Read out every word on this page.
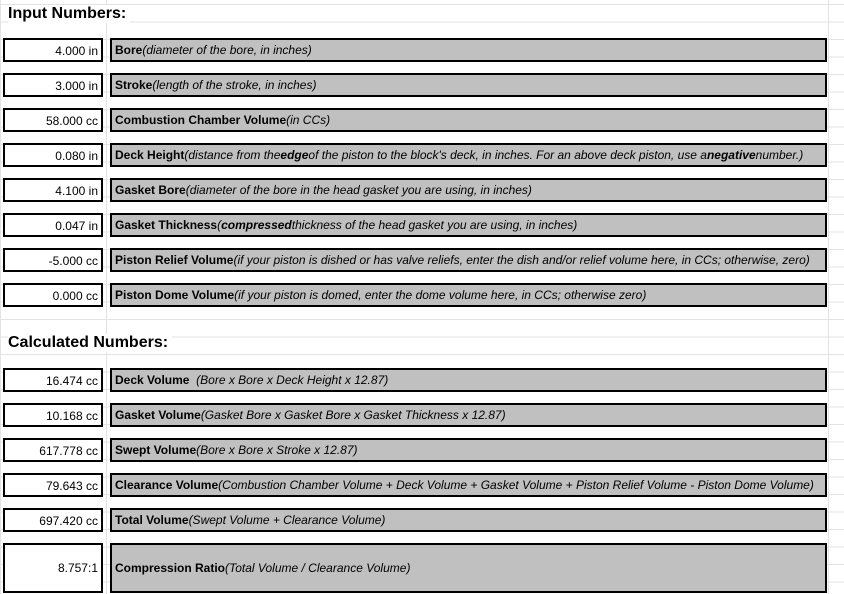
Input Numbers:
4.000 in	Bore (diameter of the bore, in inches)
3.000 in	Stroke (length of the stroke, in inches)
58.000 cc	Combustion Chamber Volume (in CCs)
0.080 in	Deck Height (distance from the edge of the piston to the block's deck, in inches. For an above deck piston, use a negative number.)
4.100 in	Gasket Bore (diameter of the bore in the head gasket you are using, in inches)
0.047 in	Gasket Thickness ( compressed thickness of the head gasket you are using, in inches)
-5.000 cc	Piston Relief Volume (if your piston is dished or has valve reliefs, enter the dish and/or relief volume here, in CCs; otherwise, zero)
0.000 cc	Piston Dome Volume (if your piston is domed, enter the dome volume here, in CCs; otherwise zero)
Calculated Numbers:
16.474 cc	Deck Volume (Bore x Bore x Deck Height x 12.87)
10.168 cc	Gasket Volume (Gasket Bore x Gasket Bore x Gasket Thickness x 12.87)
617.778 cc	Swept Volume (Bore x Bore x Stroke x 12.87)
79.643 cc	Clearance Volume (Combustion Chamber Volume + Deck Volume + Gasket Volume + Piston Relief Volume - Piston Dome Volume)
697.420 cc	Total Volume (Swept Volume + Clearance Volume)
8.757:1	Compression Ratio (Total Volume / Clearance Volume)
